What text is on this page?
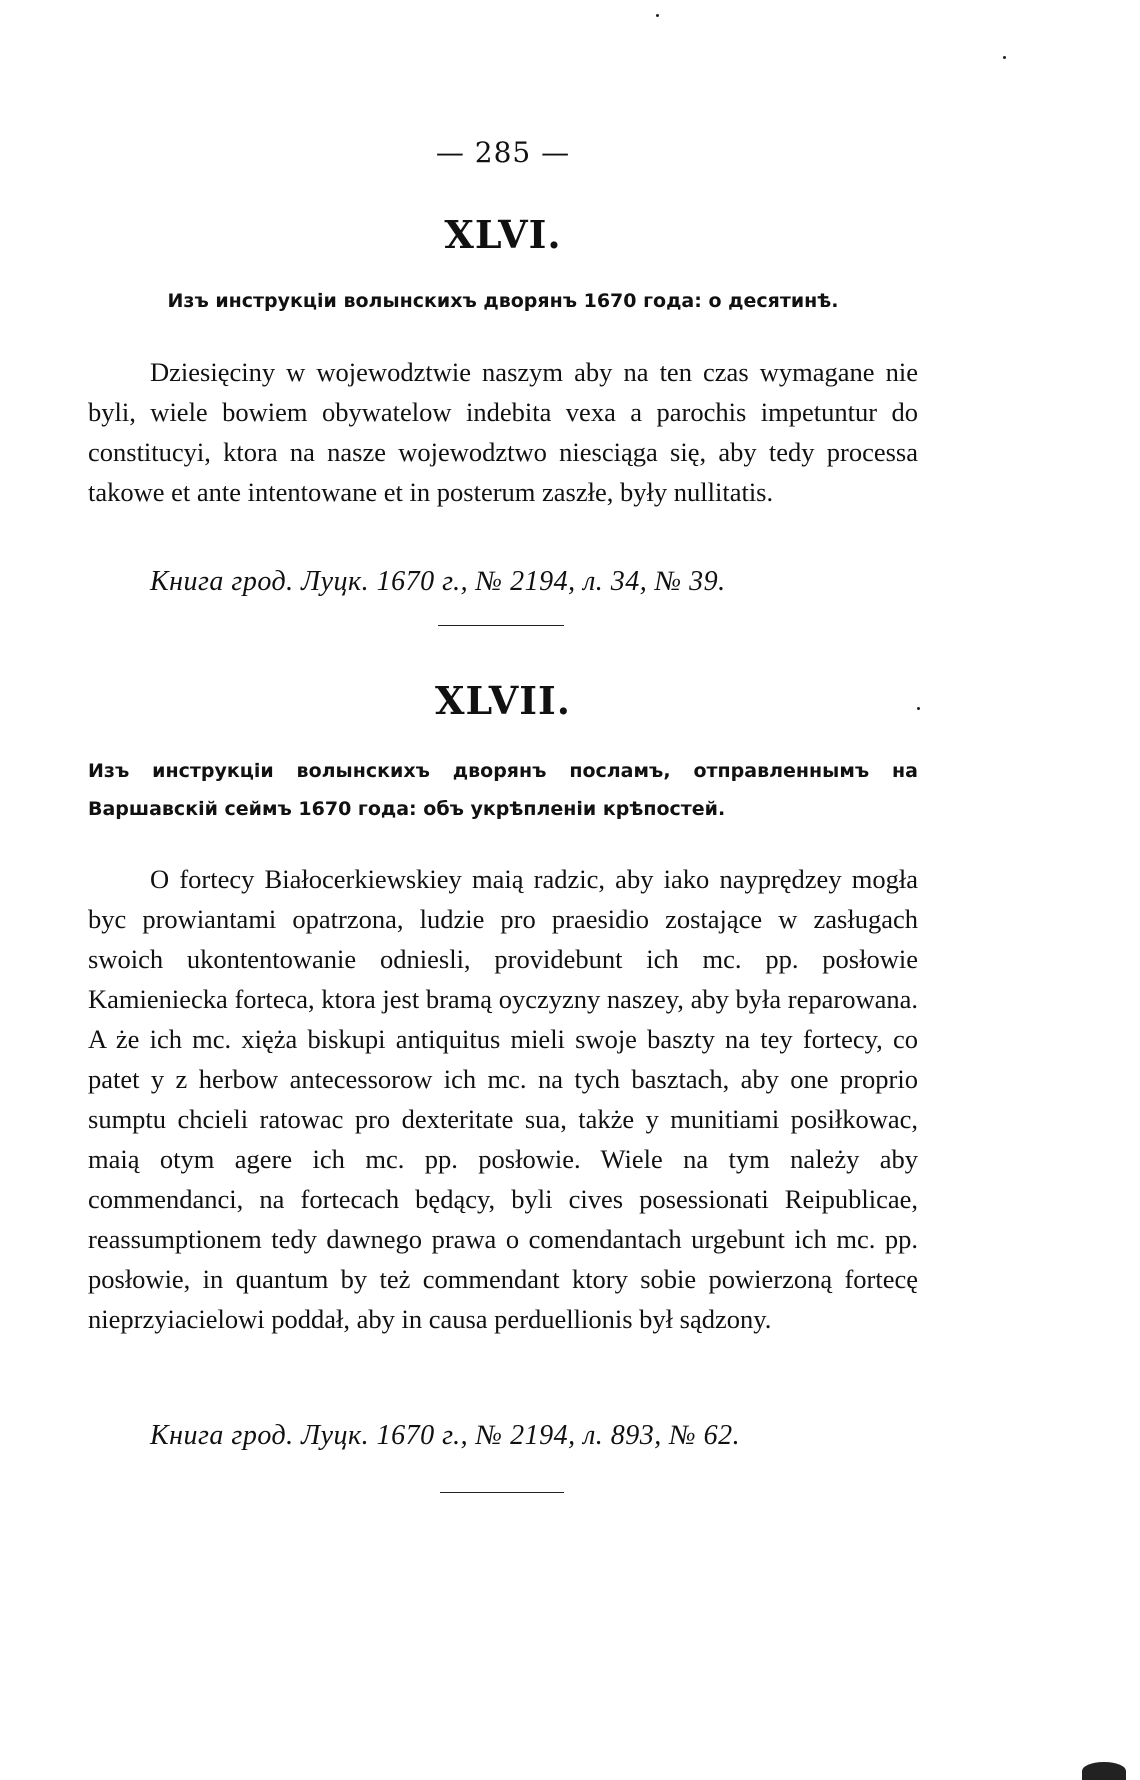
— 285 —
XLVI.
Изъ инструкціи волынскихъ дворянъ 1670 года: о десятинѣ.

Dziesięciny w wojewodztwie naszym aby na ten czas wymagane nie byli, wiele bowiem obywatelow indebita vexa a parochis impetuntur do constitucyi, ktora na nasze wojewodztwo niesciąga się, aby tedy processa takowe et ante intentowane et in posterum zaszłe, były nullitatis.

Книга грод. Луцк. 1670 г., № 2194, л. 34, № 39.
XLVII.
Изъ инструкціи волынскихъ дворянъ посламъ, отправленнымъ на Варшавскій сеймъ 1670 года: объ укрѣпленіи крѣпостей.

O fortecy Białocerkiewskiey maią radzic, aby iako nayprędzey mogła byc prowiantami opatrzona, ludzie pro praesidio zostające w zasługach swoich ukontentowanie odniesli, providebunt ich mc. pp. posłowie Kamieniecka forteca, ktora jest bramą oyczyzny naszey, aby była reparowana. A że ich mc. xięża biskupi antiquitus mieli swoje baszty na tey fortecy, co patet y z herbow antecessorow ich mc. na tych basztach, aby one proprio sumptu chcieli ratowac pro dexteritate sua, także y munitiami posiłkowac, maią otym agere ich mc. pp. posłowie. Wiele na tym należy aby commendanci, na fortecach będący, byli cives posessionati Reipublicae, reassumptionem tedy dawnego prawa o comendantach urgebunt ich mc. pp. posłowie, in quantum by też commendant ktory sobie powierzoną fortecę nieprzyiacielowi poddał, aby in causa perduellionis był sądzony.

Книга грод. Луцк. 1670 г., № 2194, л. 893, № 62.
